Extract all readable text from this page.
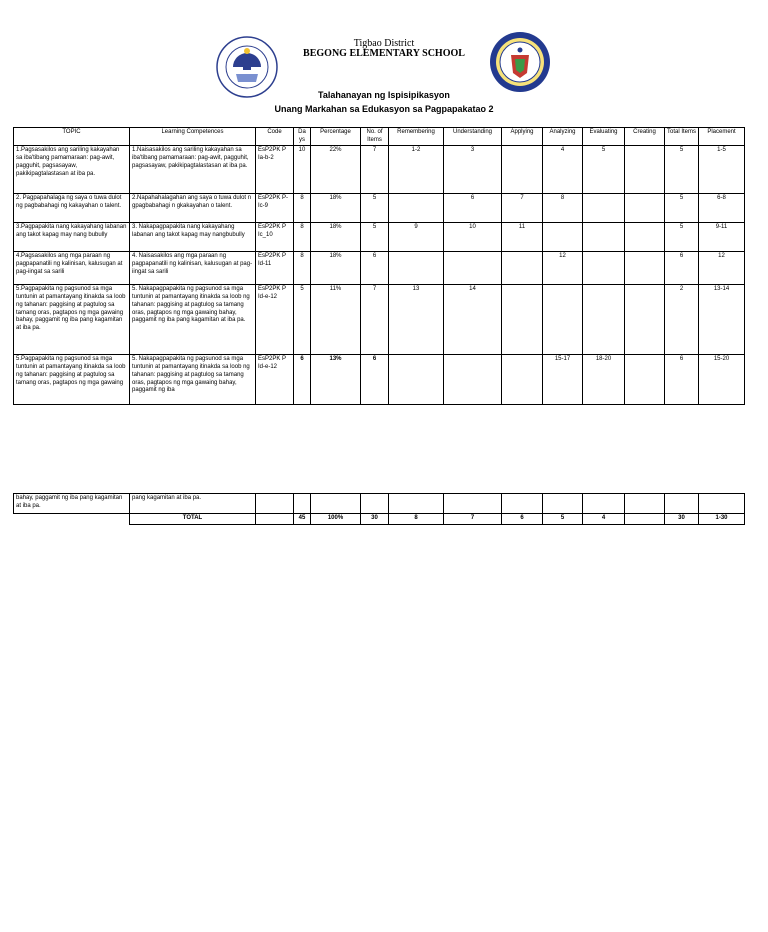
Tigbao District
BEGONG ELEMENTARY SCHOOL
Talahanayan ng Ispisipikasyon
Unang Markahan sa Edukasyon sa Pagpapakatao 2
TOPIC	Learning Competences	Code	Da ys	Percentage	No. of Items	Remembering	Understanding	Applying	Analyzing	Evaluating	Creating	Total Items	Placement
1.Pagsasakilos ang sariling kakayahan sa iba'tibang pamamaraan: pag-awit, pagguhit, pagsasayaw, pakikipagtalastasan at iba pa.	1.Naisasakilos ang sariling kakayahan sa iba'tibang pamamaraan: pag-awit, pagguhit, pagsasayaw, pakikipagtalastasan at iba pa.	EsP2PK P Ia-b-2	10	22%	7	1-2	3		4	5		5	1-5
2. Pagpapahalaga ng saya o tuwa dulot ng pagbabahagi ng kakayahan o talent.	2.Napahahalagahan ang saya o tuwa dulot n gpagbabahagi n gkakayahan o talent.	EsP2PK P-Ic-9	8	18%	5		6	7	8			5	6-8
3.Pagpapakita nang kakayahang labanan ang takot kapag may nang bubully	3. Nakapagpapakita nang kakayahang labanan ang takot kapag may nangbubully	EsP2PK P Ic_10	8	18%	5	9	10	11				5	9-11
4.Pagsasakilos ang mga paraan ng pagpapanatili ng kalinisan, kalusugan at pag-iingat sa sarili	4. Naisasakilos ang mga paraan ng pagpapanatili ng kalinisan, kalusugan at pag-iingat sa sarili	EsP2PK P Id-11	8	18%	6				12			6	12
5.Pagpapakita ng pagsunod sa mga tuntunin at pamantayang itinakda sa loob ng tahanan: paggising at pagtulog sa tamang oras, pagtapos ng mga gawaing bahay, paggamit ng iba pang kagamitan at iba pa.	5. Nakapagpapakita ng pagsunod sa mga tuntunin at pamantayang itinakda sa loob ng tahanan: paggising at pagtulog sa tamang oras, pagtapos ng mga gawaing bahay, paggamit ng iba pang kagamitan at iba pa.	EsP2PK P Id-e-12	5	11%	7	13	14					2	13-14
5.Pagpapakita ng pagsunod sa mga tuntunin at pamantayang itinakda sa loob ng tahanan: paggising at pagtulog sa tamang oras, pagtapos ng mga gawaing	5. Nakapagpapakita ng pagsunod sa mga tuntunin at pamantayang itinakda sa loob ng tahanan: paggising at pagtulog sa tamang oras, pagtapos ng mga gawaing bahay, paggamit ng iba	EsP2PK P Id-e-12	6	13%	6				15-17	18-20		6	15-20
bahay, paggamit ng iba pang kagamitan at iba pa.	pang kagamitan at iba pa.												
	TOTAL		45	100%	30	8	7	6	5	4		30	1-30
